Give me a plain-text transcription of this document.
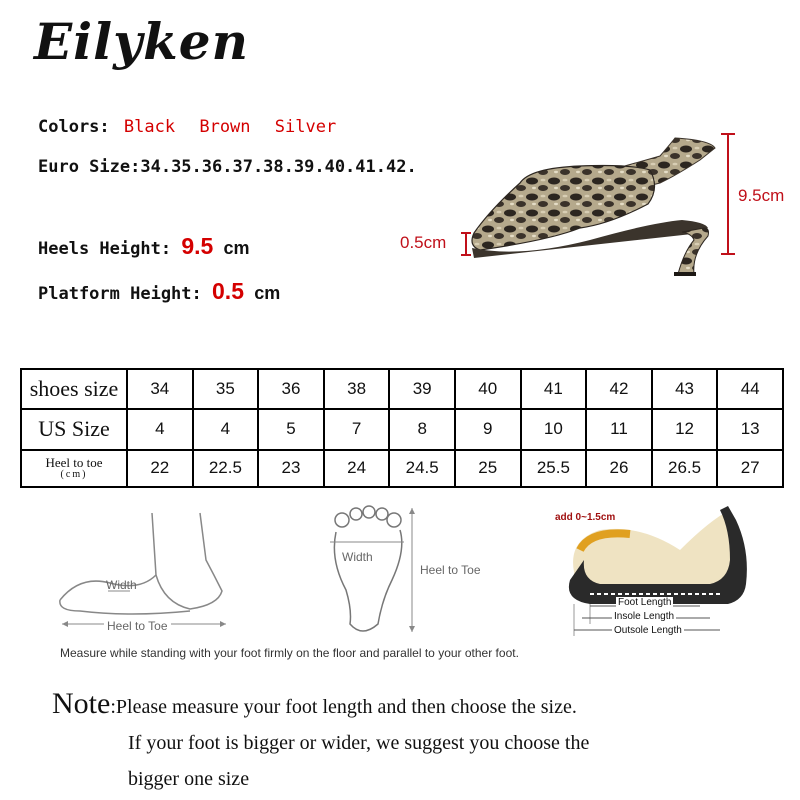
Eilyken
Colors: Black Brown Silver
Euro Size:34.35.36.37.38.39.40.41.42.
Heels Height: 9.5 cm
Platform Height: 0.5 cm
9.5cm
0.5cm
shoes size	34	35	36	38	39	40	41	42	43	44
US Size	4	4	5	7	8	9	10	11	12	13

Heel to toe
(cm)	22	22.5	23	24	24.5	25	25.5	26	26.5	27
Width
Heel to Toe
Width
Heel to Toe
add 0~1.5cm
Foot Length
Insole Length
Outsole Length
Measure while standing with your foot firmly on the floor and parallel to your other foot.
Note:Please measure your foot length and then choose the size.
If your foot is bigger or wider, we suggest you choose the
bigger one size
